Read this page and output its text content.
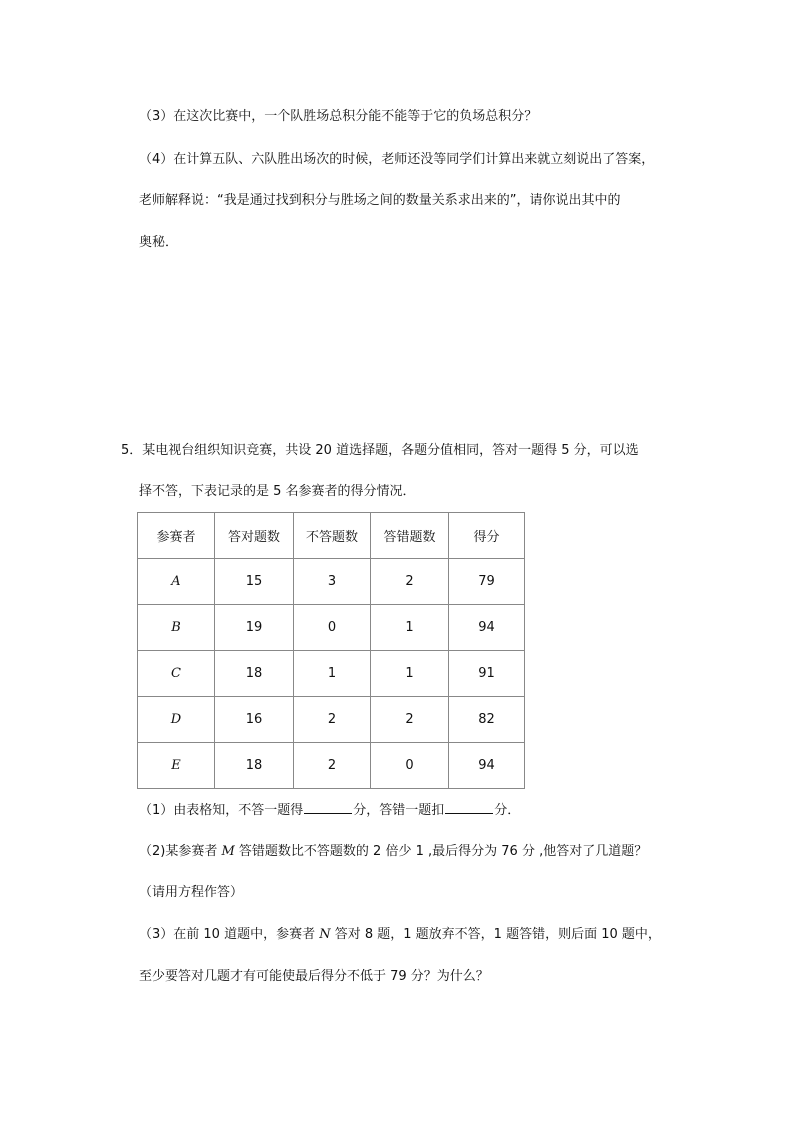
（3）在这次比赛中，一个队胜场总积分能不能等于它的负场总积分？
（4）在计算五队、六队胜出场次的时候，老师还没等同学们计算出来就立刻说出了答案，
老师解释说：“我是通过找到积分与胜场之间的数量关系求出来的”，请你说出其中的
奥秘．
5．某电视台组织知识竞赛，共设 20 道选择题，各题分值相同，答对一题得 5 分，可以选
择不答，下表记录的是 5 名参赛者的得分情况．
参赛者	答对题数	不答题数	答错题数	得分
A	15	3	2	79
B	19	0	1	94
C	18	1	1	91
D	16	2	2	82
E	18	2	0	94
（1）由表格知，不答一题得	分，答错一题扣	分．
（2)某参赛者 M 答错题数比不答题数的 2 倍少 1 ,最后得分为 76 分 ,他答对了几道题？
（请用方程作答）
（3）在前 10 道题中，参赛者 N 答对 8 题，1 题放弃不答，1 题答错，则后面 10 题中，
至少要答对几题才有可能使最后得分不低于 79 分？为什么？
